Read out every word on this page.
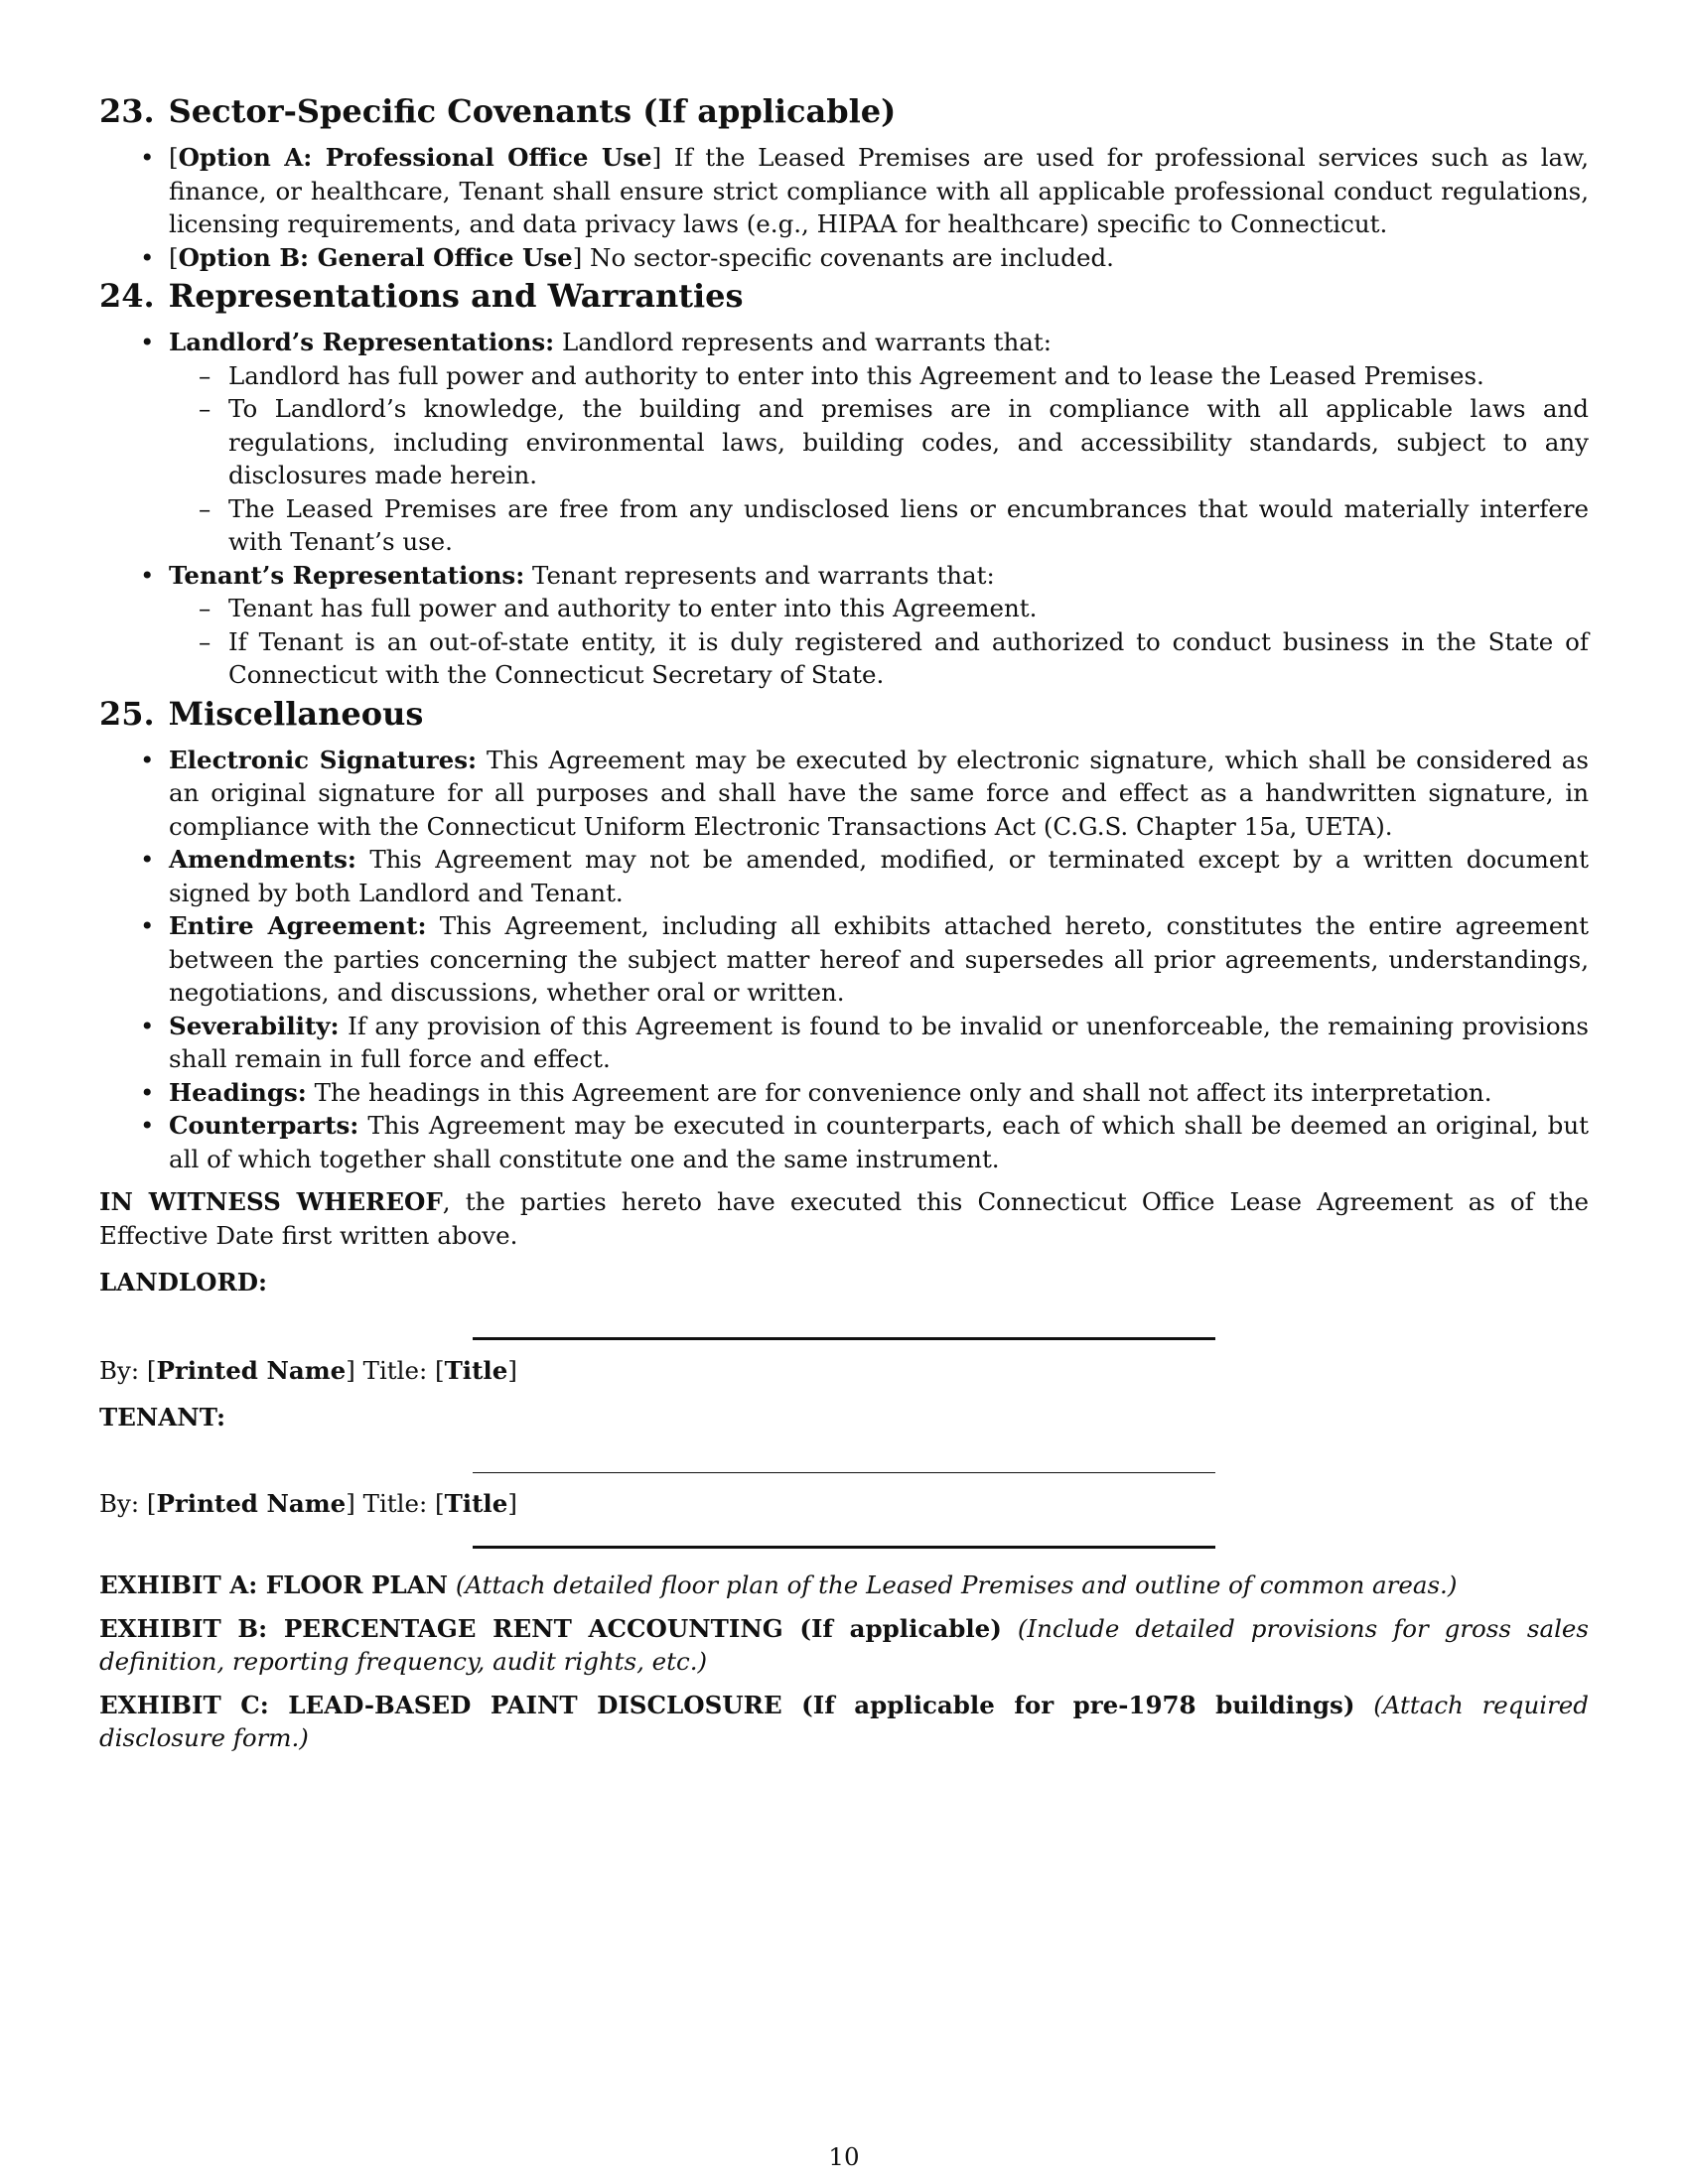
23. Sector-Specific Covenants (If applicable)
• [Option A: Professional Office Use] If the Leased Premises are used for professional services such as law, finance, or healthcare, Tenant shall ensure strict compliance with all applicable professional conduct regulations, licensing requirements, and data privacy laws (e.g., HIPAA for healthcare) specific to Connecticut.
• [Option B: General Office Use] No sector-specific covenants are included.
24. Representations and Warranties
• Landlord’s Representations: Landlord represents and warrants that:
– Landlord has full power and authority to enter into this Agreement and to lease the Leased Premises.
– To Landlord’s knowledge, the building and premises are in compliance with all applicable laws and regulations, including environmental laws, building codes, and accessibility standards, subject to any disclosures made herein.
– The Leased Premises are free from any undisclosed liens or encumbrances that would materially interfere with Tenant’s use.
• Tenant’s Representations: Tenant represents and warrants that:
– Tenant has full power and authority to enter into this Agreement.
– If Tenant is an out-of-state entity, it is duly registered and authorized to conduct business in the State of Connecticut with the Connecticut Secretary of State.
25. Miscellaneous
• Electronic Signatures: This Agreement may be executed by electronic signature, which shall be considered as an original signature for all purposes and shall have the same force and effect as a handwritten signature, in compliance with the Connecticut Uniform Electronic Transactions Act (C.G.S. Chapter 15a, UETA).
• Amendments: This Agreement may not be amended, modified, or terminated except by a written document signed by both Landlord and Tenant.
• Entire Agreement: This Agreement, including all exhibits attached hereto, constitutes the entire agreement between the parties concerning the subject matter hereof and supersedes all prior agreements, understandings, negotiations, and discussions, whether oral or written.
• Severability: If any provision of this Agreement is found to be invalid or unenforceable, the remaining provisions shall remain in full force and effect.
• Headings: The headings in this Agreement are for convenience only and shall not affect its interpretation.
• Counterparts: This Agreement may be executed in counterparts, each of which shall be deemed an original, but all of which together shall constitute one and the same instrument.

IN WITNESS WHEREOF, the parties hereto have executed this Connecticut Office Lease Agreement as of the Effective Date first written above.

LANDLORD:

By: [Printed Name] Title: [Title]

TENANT:

By: [Printed Name] Title: [Title]

EXHIBIT A: FLOOR PLAN (Attach detailed floor plan of the Leased Premises and outline of common areas.)

EXHIBIT B: PERCENTAGE RENT ACCOUNTING (If applicable) (Include detailed provisions for gross sales definition, reporting frequency, audit rights, etc.)

EXHIBIT C: LEAD-BASED PAINT DISCLOSURE (If applicable for pre-1978 buildings) (Attach required disclosure form.)

10
